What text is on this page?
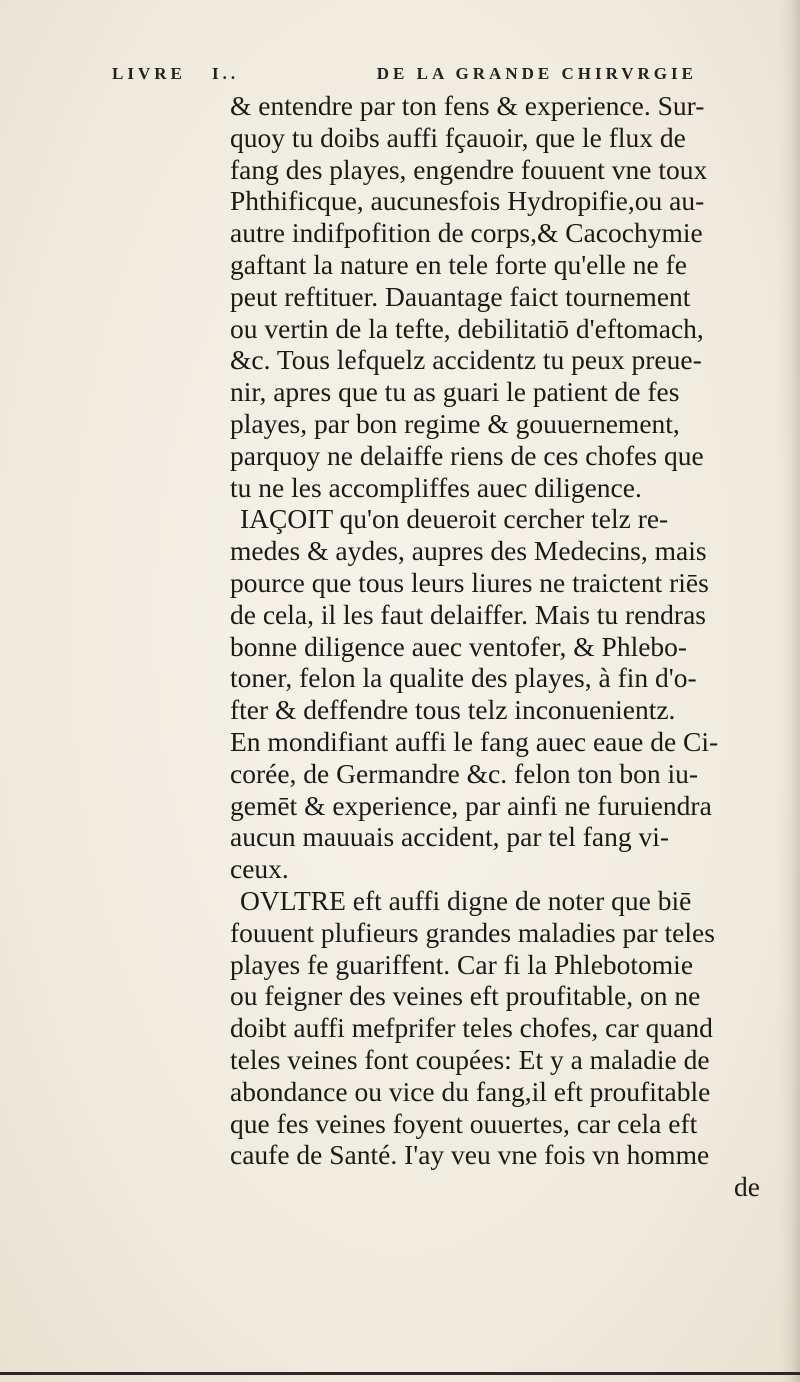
LIVRE I..	DE LA GRANDE CHIRVRGIE
& entendre par ton fens & experience. Sur-
quoy tu doibs auffi fçauoir, que le flux de
fang des playes, engendre fouuent vne toux
Phthificque, aucunesfois Hydropifie,ou au-
autre indifpofition de corps,& Cacochymie
gaftant la nature en tele forte qu'elle ne fe
peut reftituer. Dauantage faict tournement
ou vertin de la tefte, debilitatiō d'eftomach,
&c. Tous lefquelz accidentz tu peux preue-
nir, apres que tu as guari le patient de fes
playes, par bon regime & gouuernement,
parquoy ne delaiffe riens de ces chofes que
tu ne les accompliffes auec diligence.
IAÇOIT qu'on deueroit cercher telz re-
medes & aydes, aupres des Medecins, mais
pource que tous leurs liures ne traictent riēs
de cela, il les faut delaiffer. Mais tu rendras
bonne diligence auec ventofer, & Phlebo-
toner, felon la qualite des playes, à fin d'o-
fter & deffendre tous telz inconuenientz.
En mondifiant auffi le fang auec eaue de Ci-
corée, de Germandre &c. felon ton bon iu-
gemēt & experience, par ainfi ne furuiendra
aucun mauuais accident, par tel fang vi-
ceux.
OVLTRE eft auffi digne de noter que biē
fouuent plufieurs grandes maladies par teles
playes fe guariffent. Car fi la Phlebotomie
ou feigner des veines eft proufitable, on ne
doibt auffi mefprifer teles chofes, car quand
teles veines font coupées: Et y a maladie de
abondance ou vice du fang,il eft proufitable
que fes veines foyent ouuertes, car cela eft
caufe de Santé. I'ay veu vne fois vn homme
de
